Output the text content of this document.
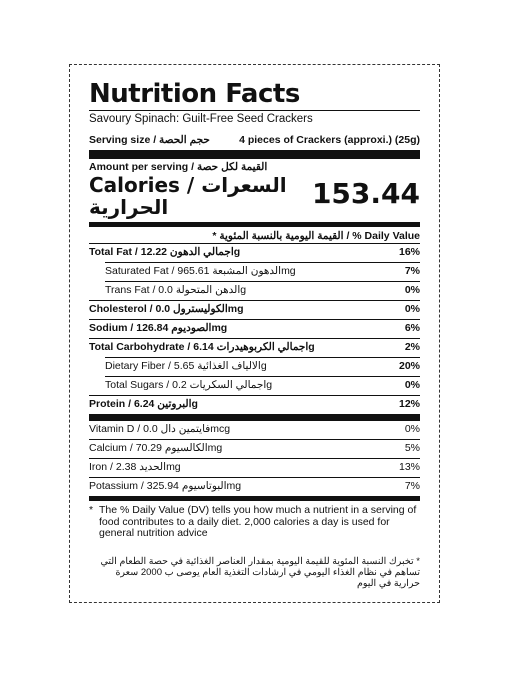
Nutrition Facts
Savoury Spinach: Guilt-Free Seed Crackers
Serving size / حجم الحصة	4 pieces of Crackers (approxi.) (25g)
Amount per serving / القيمة لكل حصة
Calories / السعرات الحرارية	153.44
* القيمة اليومية بالنسبة المئوية / % Daily Value
Total Fat / اجمالي الدهون 12.22g	16%
Saturated Fat / الدهون المشبعة 965.61mg	7%
Trans Fat / الدهن المتحولة 0.0g	0%
Cholesterol / الكوليسترول 0.0mg	0%
Sodium / الصوديوم 126.84mg	6%
Total Carbohydrate / اجمالي الكربوهيدرات 6.14g	2%
Dietary Fiber / الالياف الغذائية 5.65g	20%
Total Sugars / اجمالي السكريات 0.2g	0%
Protein / البروتين 6.24g	12%
Vitamin D / فايتمين دال 0.0mcg	0%
Calcium / الكالسيوم 70.29mg	5%
Iron / الحديد 2.38mg	13%
Potassium / البوتاسيوم 325.94mg	7%
* The % Daily Value (DV) tells you how much a nutrient in a serving of food contributes to a daily diet. 2,000 calories a day is used for general nutrition advice
* تخبرك النسبة المئوية للقيمة اليومية بمقدار العناصر الغذائية في حصة الطعام التي تساهم في نظام الغذاء اليومي في ارشادات التغذية العام يوصى ب 2000 سعرة حرارية في اليوم
